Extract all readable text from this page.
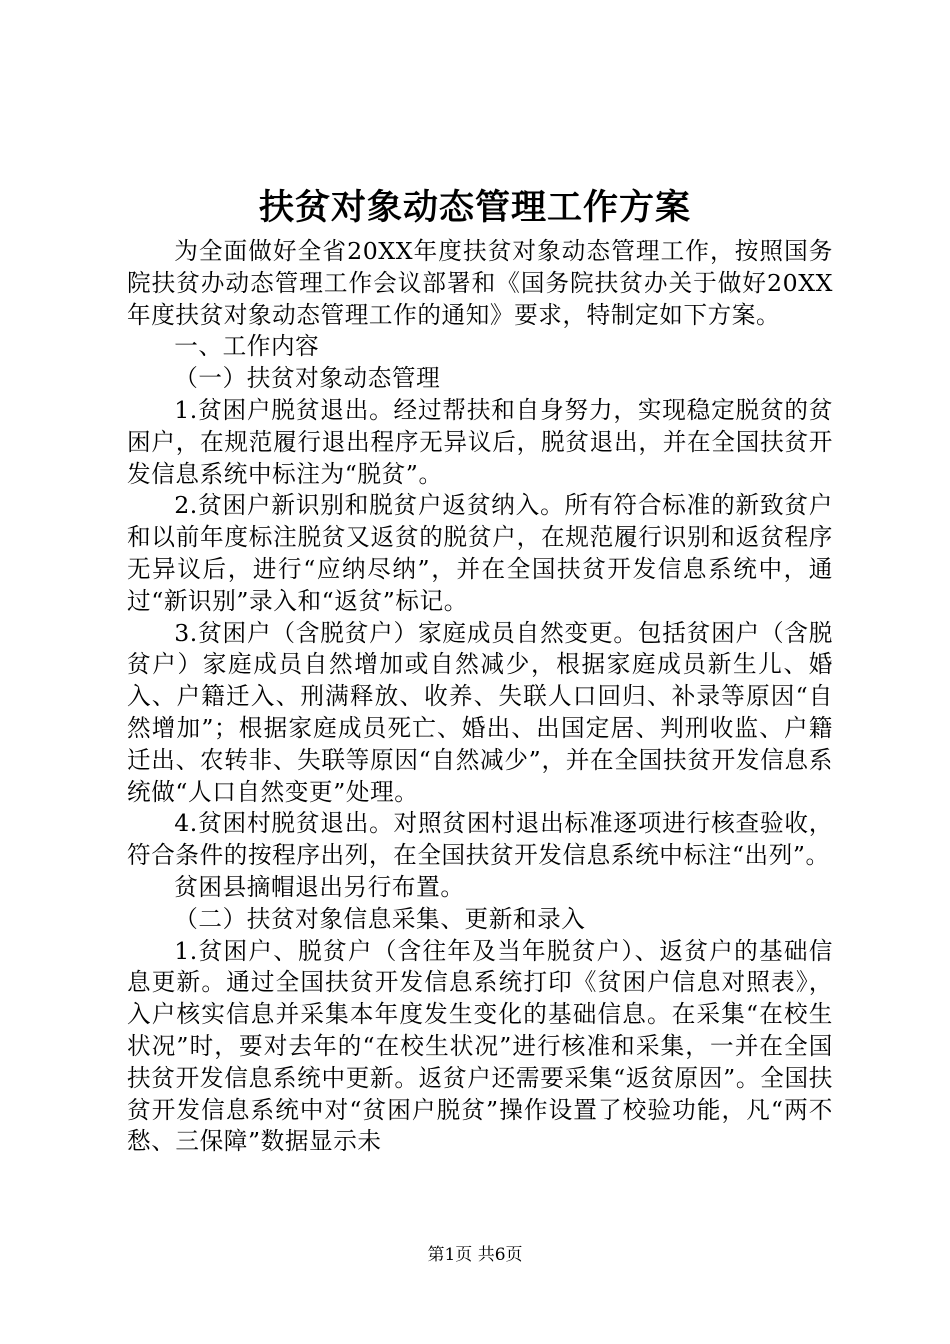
扶贫对象动态管理工作方案

为全面做好全省20XX年度扶贫对象动态管理工作，按照国务院扶贫办动态管理工作会议部署和《国务院扶贫办关于做好20XX年度扶贫对象动态管理工作的通知》要求，特制定如下方案。

一、工作内容

（一）扶贫对象动态管理

1.贫困户脱贫退出。经过帮扶和自身努力，实现稳定脱贫的贫困户，在规范履行退出程序无异议后，脱贫退出，并在全国扶贫开发信息系统中标注为“脱贫”。

2.贫困户新识别和脱贫户返贫纳入。所有符合标准的新致贫户和以前年度标注脱贫又返贫的脱贫户，在规范履行识别和返贫程序无异议后，进行“应纳尽纳”，并在全国扶贫开发信息系统中，通过“新识别”录入和“返贫”标记。

3.贫困户（含脱贫户）家庭成员自然变更。包括贫困户（含脱贫户）家庭成员自然增加或自然减少，根据家庭成员新生儿、婚入、户籍迁入、刑满释放、收养、失联人口回归、补录等原因“自然增加”；根据家庭成员死亡、婚出、出国定居、判刑收监、户籍迁出、农转非、失联等原因“自然减少”，并在全国扶贫开发信息系统做“人口自然变更”处理。

4.贫困村脱贫退出。对照贫困村退出标准逐项进行核查验收，符合条件的按程序出列，在全国扶贫开发信息系统中标注“出列”。

贫困县摘帽退出另行布置。

（二）扶贫对象信息采集、更新和录入

1.贫困户、脱贫户（含往年及当年脱贫户）、返贫户的基础信息更新。通过全国扶贫开发信息系统打印《贫困户信息对照表》，入户核实信息并采集本年度发生变化的基础信息。在采集“在校生状况”时，要对去年的“在校生状况”进行核准和采集，一并在全国扶贫开发信息系统中更新。返贫户还需要采集“返贫原因”。全国扶贫开发信息系统中对“贫困户脱贫”操作设置了校验功能，凡“两不愁、三保障”数据显示未

第1页 共6页
